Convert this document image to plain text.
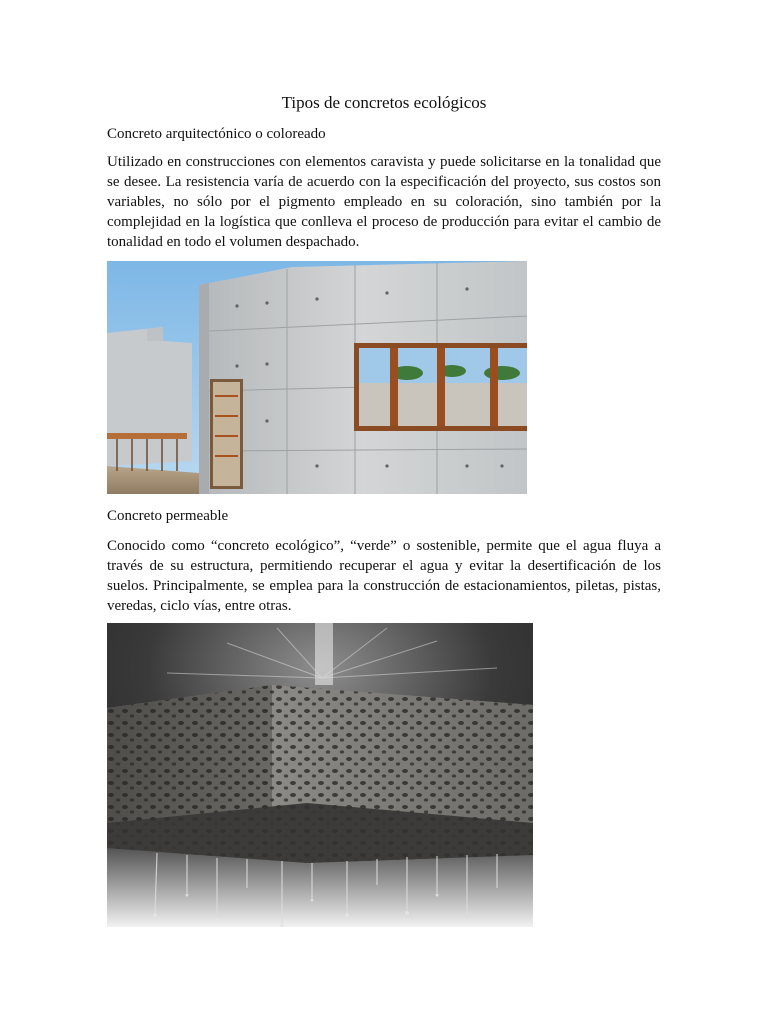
Tipos de concretos ecológicos
Concreto arquitectónico o coloreado

Utilizado en construcciones con elementos caravista y puede solicitarse en la tonalidad que se desee. La resistencia varía de acuerdo con la especificación del proyecto, sus costos son variables, no sólo por el pigmento empleado en su coloración, sino también por la complejidad en la logística que conlleva el proceso de producción para evitar el cambio de tonalidad en todo el volumen despachado.

Concreto permeable

Conocido como “concreto ecológico”, “verde” o sostenible, permite que el agua fluya a través de su estructura, permitiendo recuperar el agua y evitar la desertificación de los suelos. Principalmente, se emplea para la construcción de estacionamientos, piletas, pistas, veredas, ciclo vías, entre otras.
